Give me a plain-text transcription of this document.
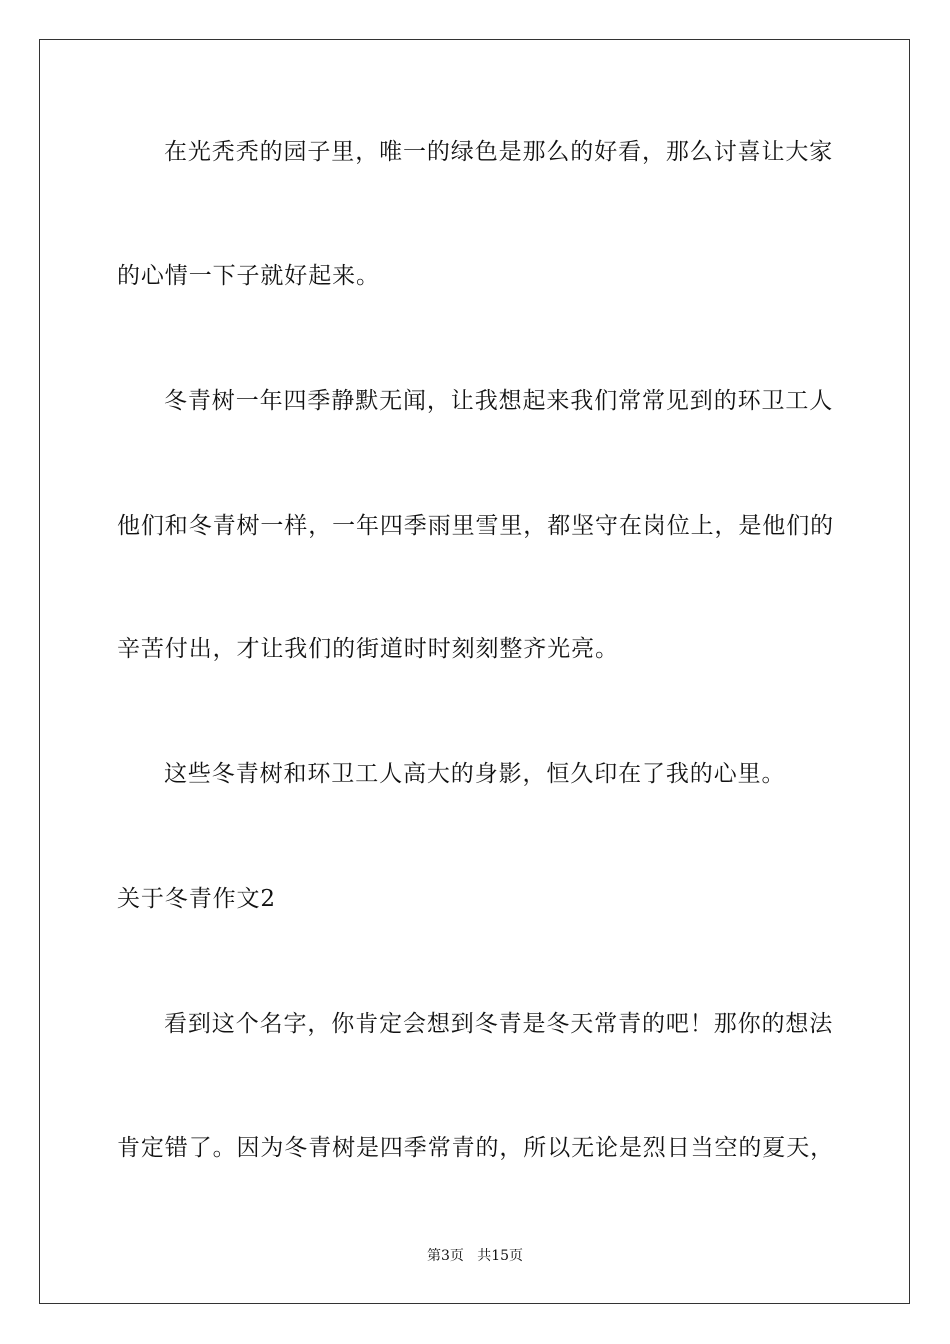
在光秃秃的园子里，唯一的绿色是那么的好看，那么讨喜让大家
的心情一下子就好起来。
冬青树一年四季静默无闻，让我想起来我们常常见到的环卫工人
他们和冬青树一样，一年四季雨里雪里，都坚守在岗位上，是他们的
辛苦付出，才让我们的街道时时刻刻整齐光亮。
这些冬青树和环卫工人高大的身影，恒久印在了我的心里。
关于冬青作文2
看到这个名字，你肯定会想到冬青是冬天常青的吧！那你的想法
肯定错了。因为冬青树是四季常青的，所以无论是烈日当空的夏天，
第3页   共15页
